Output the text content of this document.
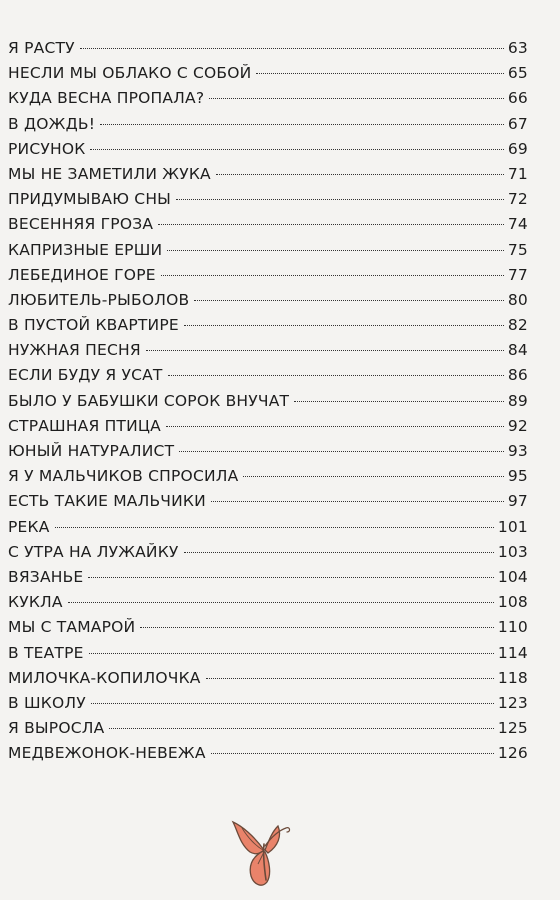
Я РАСТУ	63
НЕСЛИ МЫ ОБЛАКО С СОБОЙ	65
КУДА ВЕСНА ПРОПАЛА?	66
В ДОЖДЬ!	67
РИСУНОК	69
МЫ НЕ ЗАМЕТИЛИ ЖУКА	71
ПРИДУМЫВАЮ СНЫ	72
ВЕСЕННЯЯ ГРОЗА	74
КАПРИЗНЫЕ ЕРШИ	75
ЛЕБЕДИНОЕ ГОРЕ	77
ЛЮБИТЕЛЬ-РЫБОЛОВ	80
В ПУСТОЙ КВАРТИРЕ	82
НУЖНАЯ ПЕСНЯ	84
ЕСЛИ БУДУ Я УСАТ	86
БЫЛО У БАБУШКИ СОРОК ВНУЧАТ	89
СТРАШНАЯ ПТИЦА	92
ЮНЫЙ НАТУРАЛИСТ	93
Я У МАЛЬЧИКОВ СПРОСИЛА	95
ЕСТЬ ТАКИЕ МАЛЬЧИКИ	97
РЕКА	101
С УТРА НА ЛУЖАЙКУ	103
ВЯЗАНЬЕ	104
КУКЛА	108
МЫ С ТАМАРОЙ	110
В ТЕАТРЕ	114
МИЛОЧКА-КОПИЛОЧКА	118
В ШКОЛУ	123
Я ВЫРОСЛА	125
МЕДВЕЖОНОК-НЕВЕЖА	126
